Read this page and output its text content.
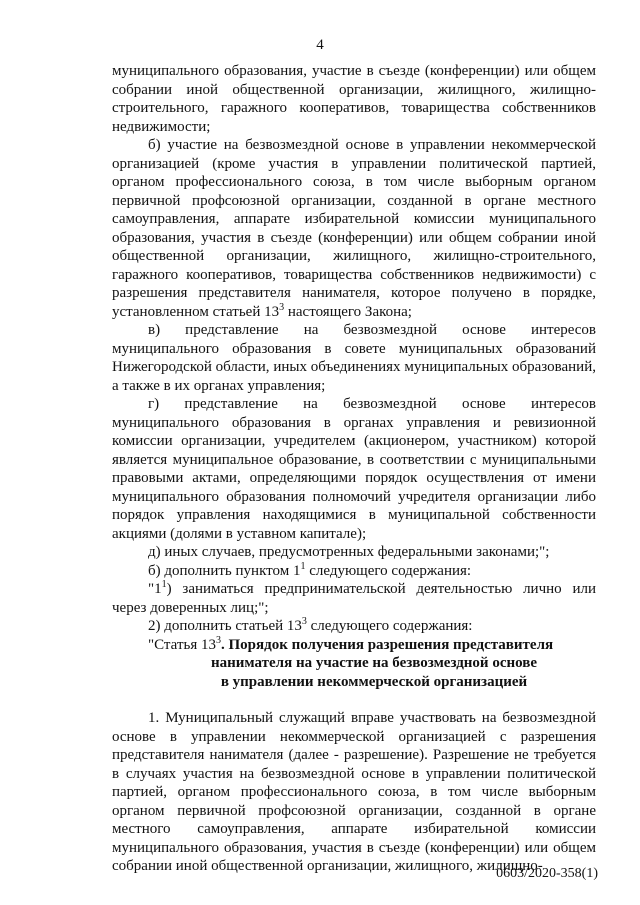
4

муниципального образования, участие в съезде (конференции) или общем собрании иной общественной организации, жилищного, жилищно-строительного, гаражного кооперативов, товарищества собственников недвижимости;

б) участие на безвозмездной основе в управлении некоммерческой организацией (кроме участия в управлении политической партией, органом профессионального союза, в том числе выборным органом первичной профсоюзной организации, созданной в органе местного самоуправления, аппарате избирательной комиссии муниципального образования, участия в съезде (конференции) или общем собрании иной общественной организации, жилищного, жилищно-строительного, гаражного кооперативов, товарищества собственников недвижимости) с разрешения представителя нанимателя, которое получено в порядке, установленном статьей $13^3$ настоящего Закона;

в) представление на безвозмездной основе интересов муниципального образования в совете муниципальных образований Нижегородской области, иных объединениях муниципальных образований, а также в их органах управления;

г) представление на безвозмездной основе интересов муниципального образования в органах управления и ревизионной комиссии организации, учредителем (акционером, участником) которой является муниципальное образование, в соответствии с муниципальными правовыми актами, определяющими порядок осуществления от имени муниципального образования полномочий учредителя организации либо порядок управления находящимися в муниципальной собственности акциями (долями в уставном капитале);

д) иных случаев, предусмотренных федеральными законами;";

б) дополнить пунктом $1^1$ следующего содержания:

"$1^1$) заниматься предпринимательской деятельностью лично или через доверенных лиц;";

2) дополнить статьей $13^3$ следующего содержания:

"Статья $13^3$. Порядок получения разрешения представителя
нанимателя на участие на безвозмездной основе
в управлении некоммерческой организацией

1. Муниципальный служащий вправе участвовать на безвозмездной основе в управлении некоммерческой организацией с разрешения представителя нанимателя (далее - разрешение). Разрешение не требуется в случаях участия на безвозмездной основе в управлении политической партией, органом профессионального союза, в том числе выборным органом первичной профсоюзной организации, созданной в органе местного самоуправления, аппарате избирательной комиссии муниципального образования, участия в съезде (конференции) или общем собрании иной общественной организации, жилищного, жилищно-

0603/2020-358(1)
